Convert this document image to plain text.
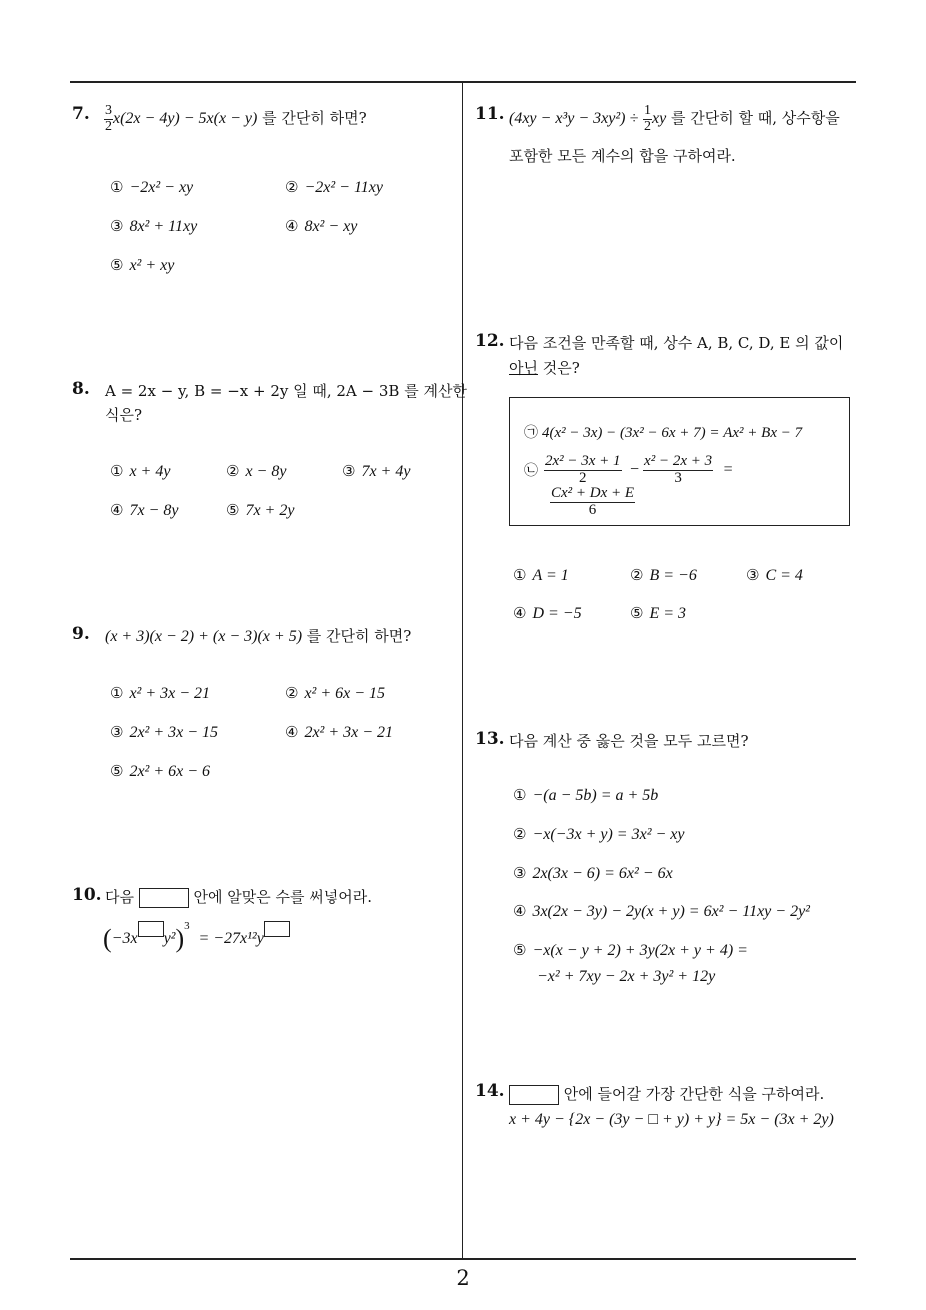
2
7. $\frac{3}{2} x(2x - 4y) - 5x(x - y)$ 를 간단히 하면?
① −2x² − xy	② −2x² − 11xy
③ 8x² + 11xy	④ 8x² − xy
⑤ x² + xy
8. A = 2x − y, B = −x + 2y 일 때, 2A − 3B 를 계산한
식은?
① x + 4y	② x − 8y	③ 7x + 4y
④ 7x − 8y	⑤ 7x + 2y
9. (x + 3)(x − 2) + (x − 3)(x + 5) 를 간단히 하면?
① x² + 3x − 21	② x² + 6x − 15
③ 2x² + 3x − 15	④ 2x² + 3x − 21
⑤ 2x² + 6x − 6
10. 다음	안에 알맞은 수를 써넣어라.
(−3x y²)$^3$ = −27x¹²y
11. $(4xy - x^3y - 3xy^2) \div \frac{1}{2}$ xy 를 간단히 할 때, 상수항을
포함한 모든 계수의 합을 구하여라.
12. 다음 조건을 만족할 때, 상수 A, B, C, D, E 의 값이
아닌 것은?
㉠ 4(x² − 3x) − (3x² − 6x + 7) = Ax² + Bx − 7
㉡ $\frac{\text{2x² − 3x + 1}}{2} - \frac{\text{x² − 2x + 3}}{3}$ =
$\frac{\text{Cx² + Dx + E}}{6}$
① A = 1	② B = −6	③ C = 4
④ D = −5	⑤ E = 3
13. 다음 계산 중 옳은 것을 모두 고르면?
① −(a − 5b) = a + 5b
② −x(−3x + y) = 3x² − xy
③ 2x(3x − 6) = 6x² − 6x
④ 3x(2x − 3y) − 2y(x + y) = 6x² − 11xy − 2y²
⑤ −x(x − y + 2) + 3y(2x + y + 4) =
−x² + 7xy − 2x + 3y² + 12y
14.	안에 들어갈 가장 간단한 식을 구하여라.
x + 4y − {2x − (3y − □ + y) + y} = 5x − (3x + 2y)
